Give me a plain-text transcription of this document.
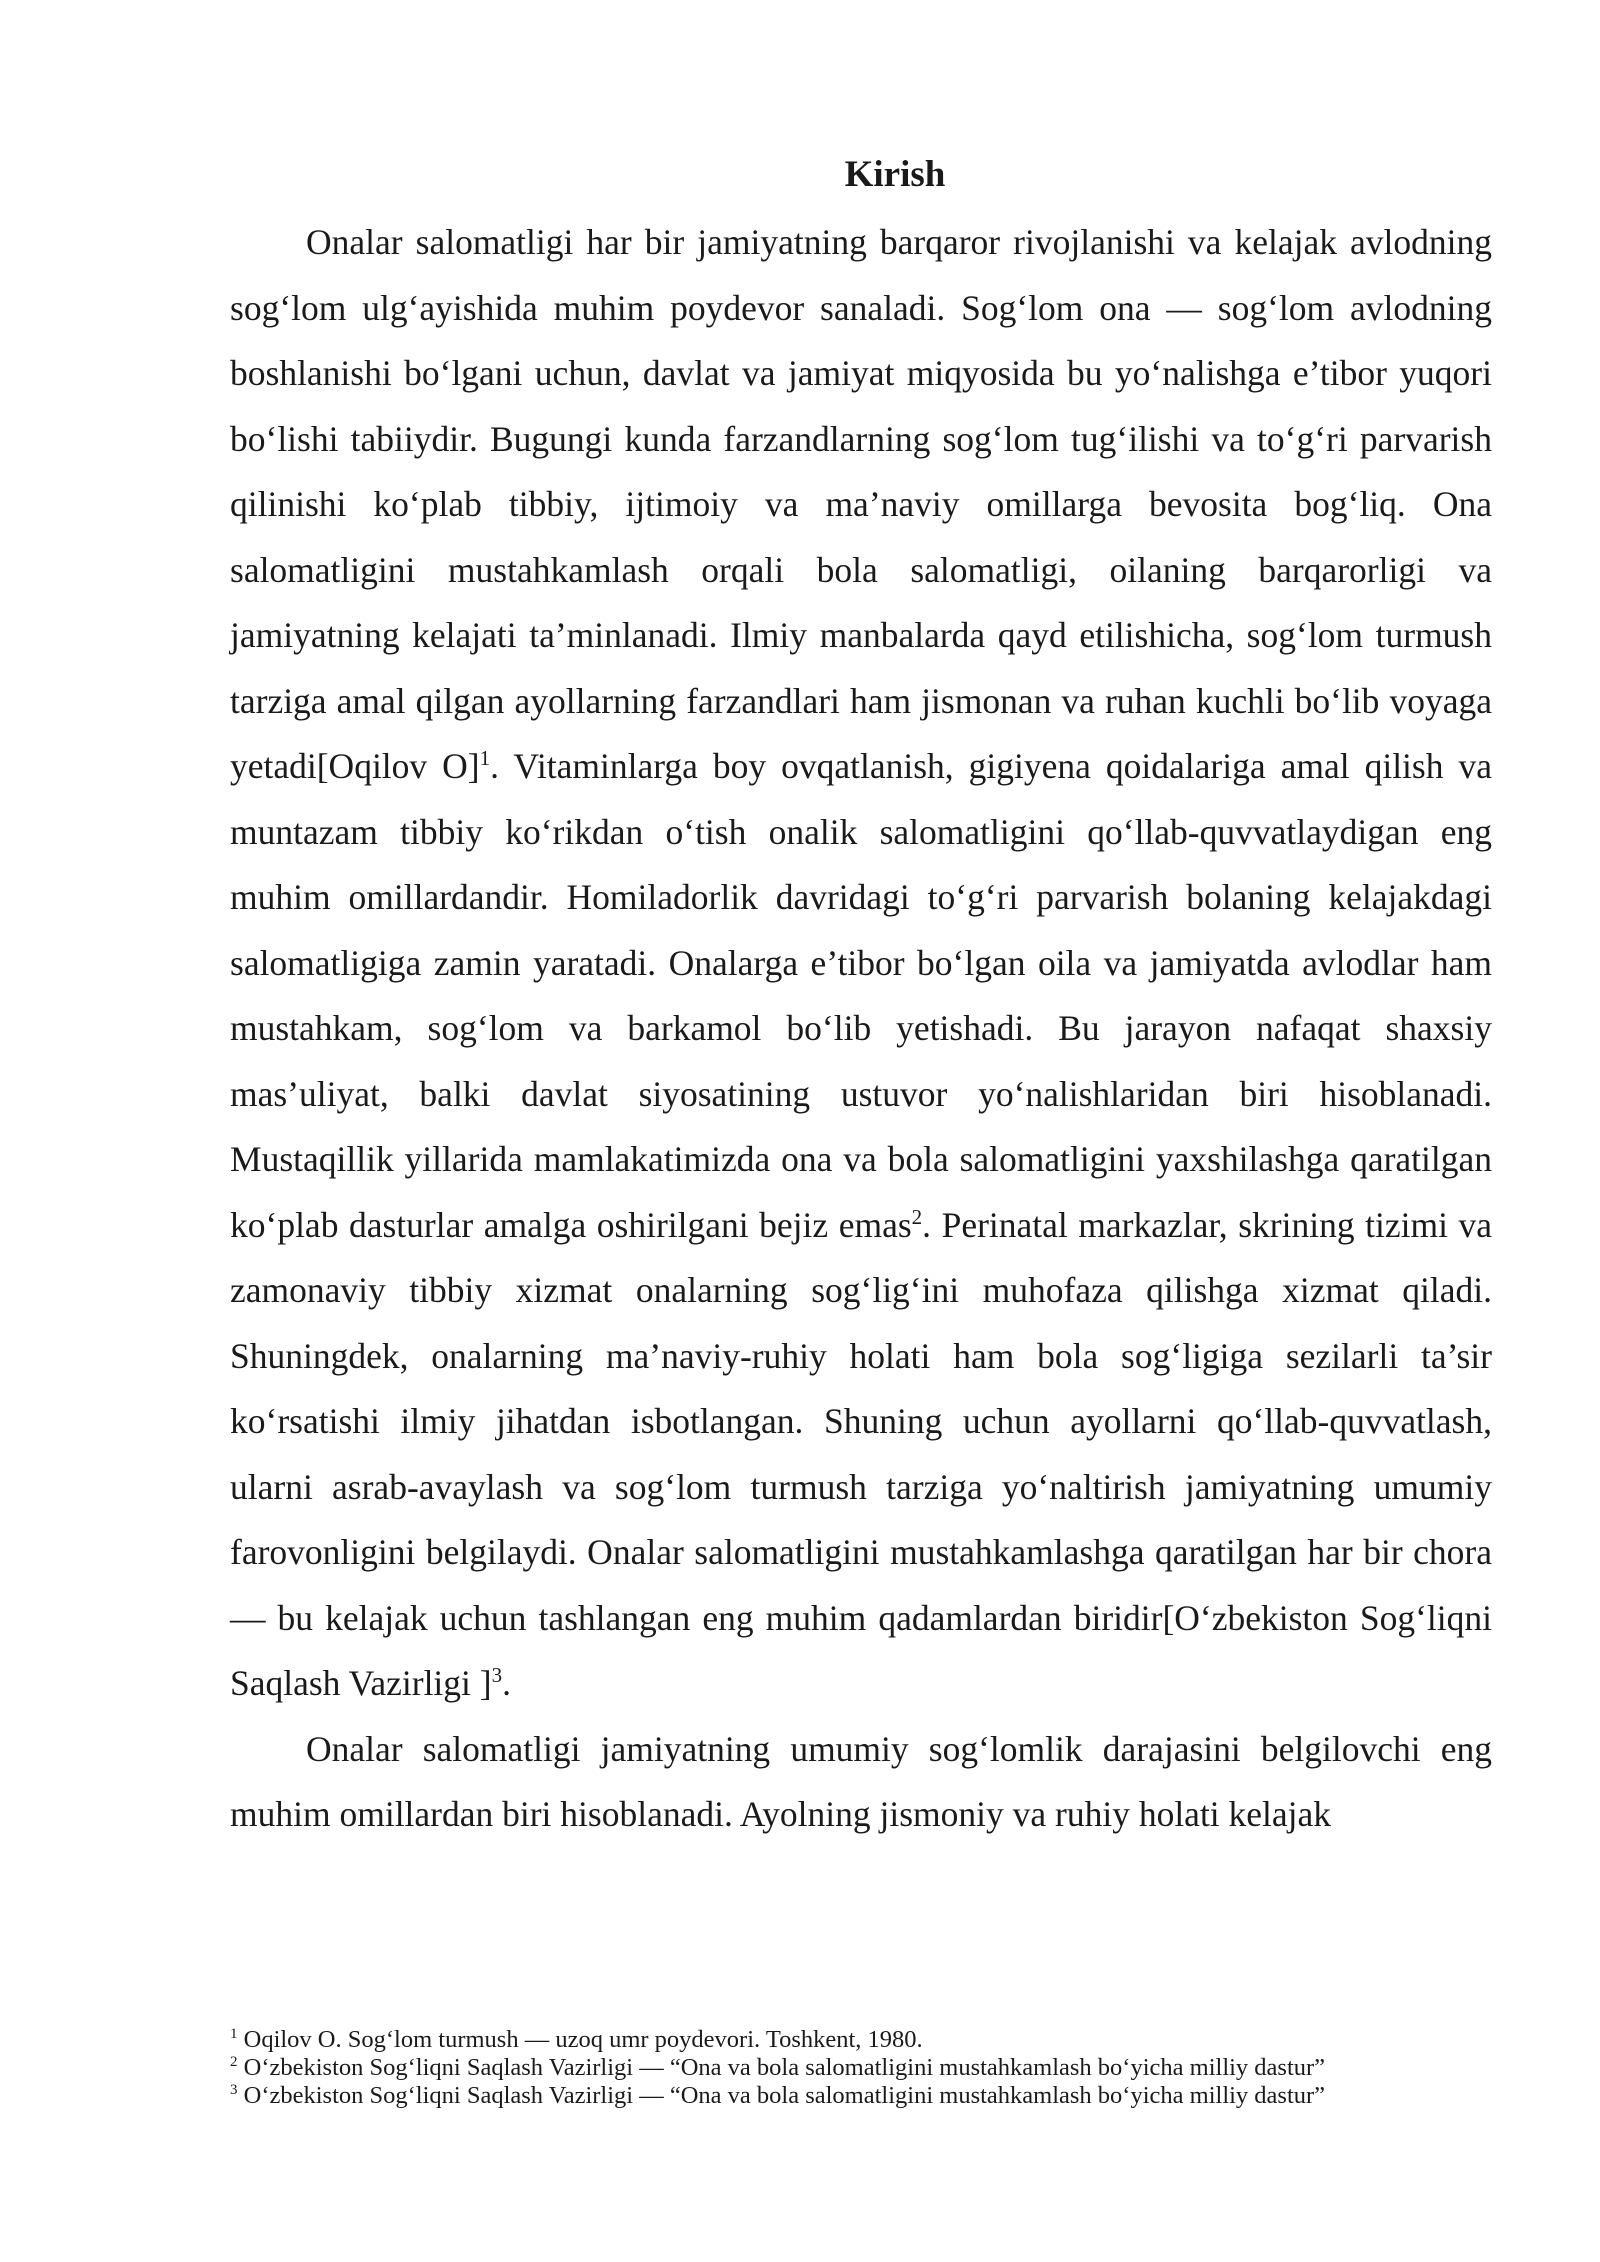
Kirish

Onalar salomatligi har bir jamiyatning barqaror rivojlanishi va kelajak avlodning sog‘lom ulg‘ayishida muhim poydevor sanaladi. Sog‘lom ona — sog‘lom avlodning boshlanishi bo‘lgani uchun, davlat va jamiyat miqyosida bu yo‘nalishga e’tibor yuqori bo‘lishi tabiiydir. Bugungi kunda farzandlarning sog‘lom tug‘ilishi va to‘g‘ri parvarish qilinishi ko‘plab tibbiy, ijtimoiy va ma’naviy omillarga bevosita bog‘liq. Ona salomatligini mustahkamlash orqali bola salomatligi, oilaning barqarorligi va jamiyatning kelajati ta’minlanadi. Ilmiy manbalarda qayd etilishicha, sog‘lom turmush tarziga amal qilgan ayollarning farzandlari ham jismonan va ruhan kuchli bo‘lib voyaga yetadi[Oqilov O]$^1$. Vitaminlarga boy ovqatlanish, gigiyena qoidalariga amal qilish va muntazam tibbiy ko‘rikdan o‘tish onalik salomatligini qo‘llab-quvvatlaydigan eng muhim omillardandir. Homiladorlik davridagi to‘g‘ri parvarish bolaning kelajakdagi salomatligiga zamin yaratadi. Onalarga e’tibor bo‘lgan oila va jamiyatda avlodlar ham mustahkam, sog‘lom va barkamol bo‘lib yetishadi. Bu jarayon nafaqat shaxsiy mas’uliyat, balki davlat siyosatining ustuvor yo‘nalishlaridan biri hisoblanadi. Mustaqillik yillarida mamlakatimizda ona va bola salomatligini yaxshilashga qaratilgan ko‘plab dasturlar amalga oshirilgani bejiz emas$^2$. Perinatal markazlar, skrining tizimi va zamonaviy tibbiy xizmat onalarning sog‘lig‘ini muhofaza qilishga xizmat qiladi. Shuningdek, onalarning ma’naviy-ruhiy holati ham bola sog‘ligiga sezilarli ta’sir ko‘rsatishi ilmiy jihatdan isbotlangan. Shuning uchun ayollarni qo‘llab-quvvatlash, ularni asrab-avaylash va sog‘lom turmush tarziga yo‘naltirish jamiyatning umumiy farovonligini belgilaydi. Onalar salomatligini mustahkamlashga qaratilgan har bir chora — bu kelajak uchun tashlangan eng muhim qadamlardan biridir[O‘zbekiston Sog‘liqni Saqlash Vazirligi ]$^3$.

Onalar salomatligi jamiyatning umumiy sog‘lomlik darajasini belgilovchi eng muhim omillardan biri hisoblanadi. Ayolning jismoniy va ruhiy holati kelajak

$^1$ Oqilov O. Sog‘lom turmush — uzoq umr poydevori. Toshkent, 1980.
$^2$ O‘zbekiston Sog‘liqni Saqlash Vazirligi — “Ona va bola salomatligini mustahkamlash bo‘yicha milliy dastur”
$^3$ O‘zbekiston Sog‘liqni Saqlash Vazirligi — “Ona va bola salomatligini mustahkamlash bo‘yicha milliy dastur”
